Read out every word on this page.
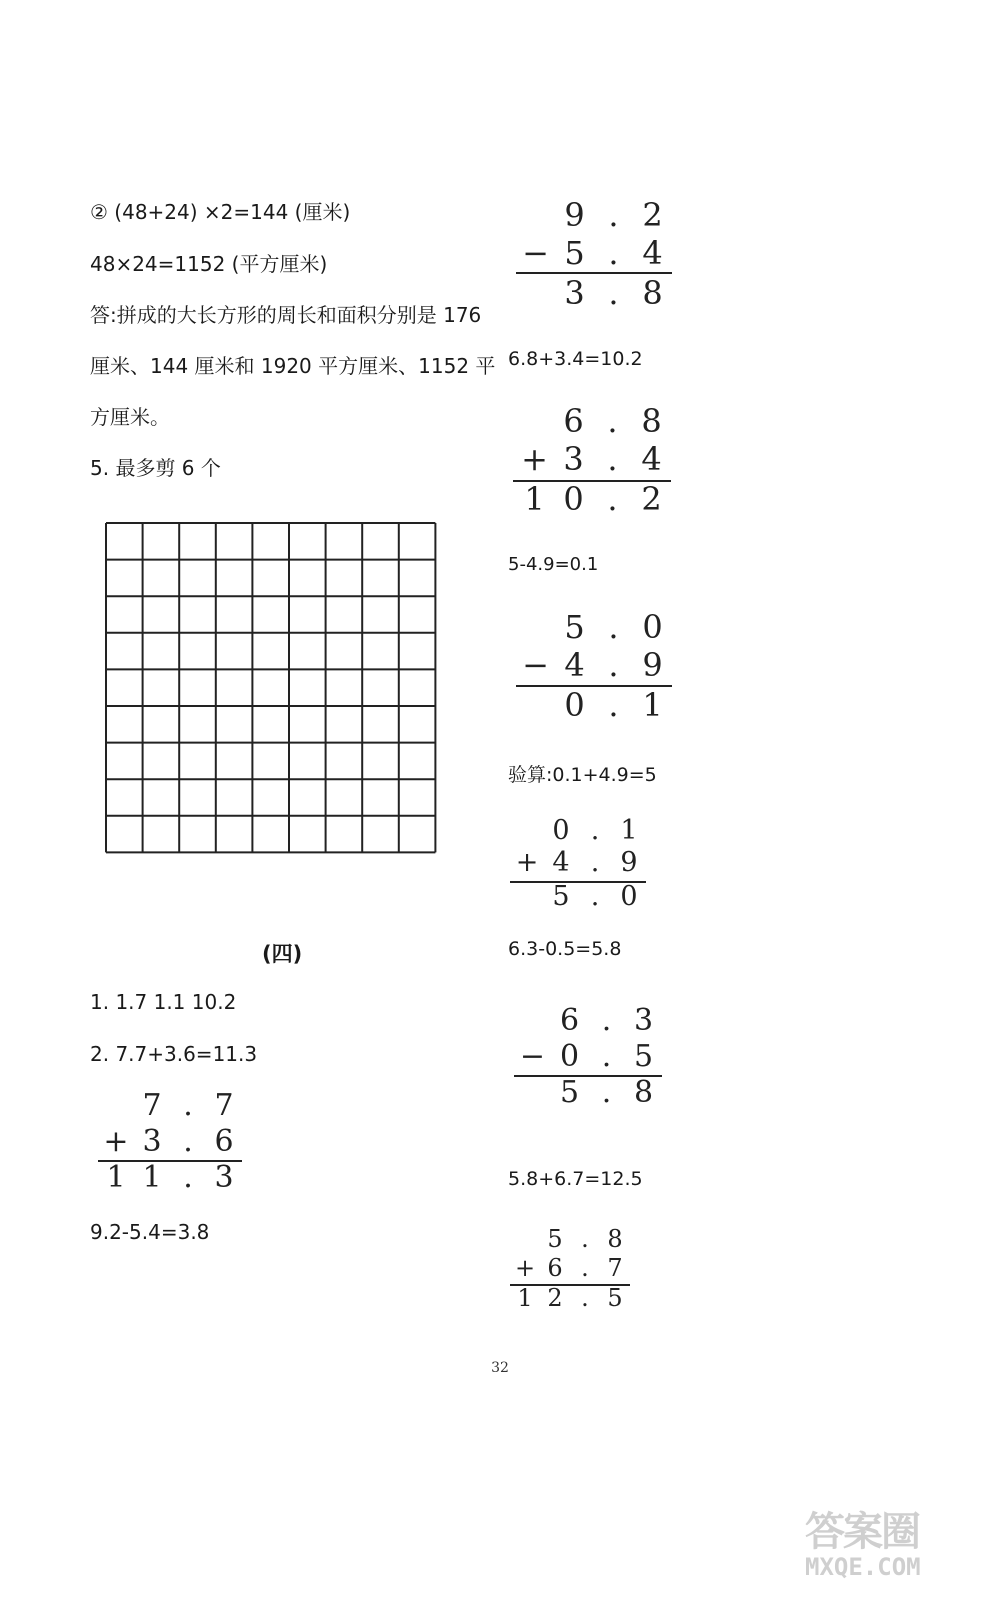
② (48+24) ×2=144 (厘米)
48×24=1152 (平方厘米)
答:拼成的大长方形的周长和面积分别是 176
厘米、144 厘米和 1920 平方厘米、1152 平
方厘米。
5. 最多剪 6 个
(四)
1. 1.7 1.1 10.2
2. 7.7+3.6=11.3
7 . 7
+ 3 . 6
1 1 . 3
9.2-5.4=3.8
9 . 2
− 5 . 4
3 . 8
6.8+3.4=10.2
6 . 8
+ 3 . 4
1 0 . 2
5-4.9=0.1
5 . 0
− 4 . 9
0 . 1
验算:0.1+4.9=5
0 . 1
+ 4 . 9
5 . 0
6.3-0.5=5.8
6 . 3
− 0 . 5
5 . 8
5.8+6.7=12.5
5 . 8
+ 6 . 7
1 2 . 5
32
答案圈
MXQE.COM
